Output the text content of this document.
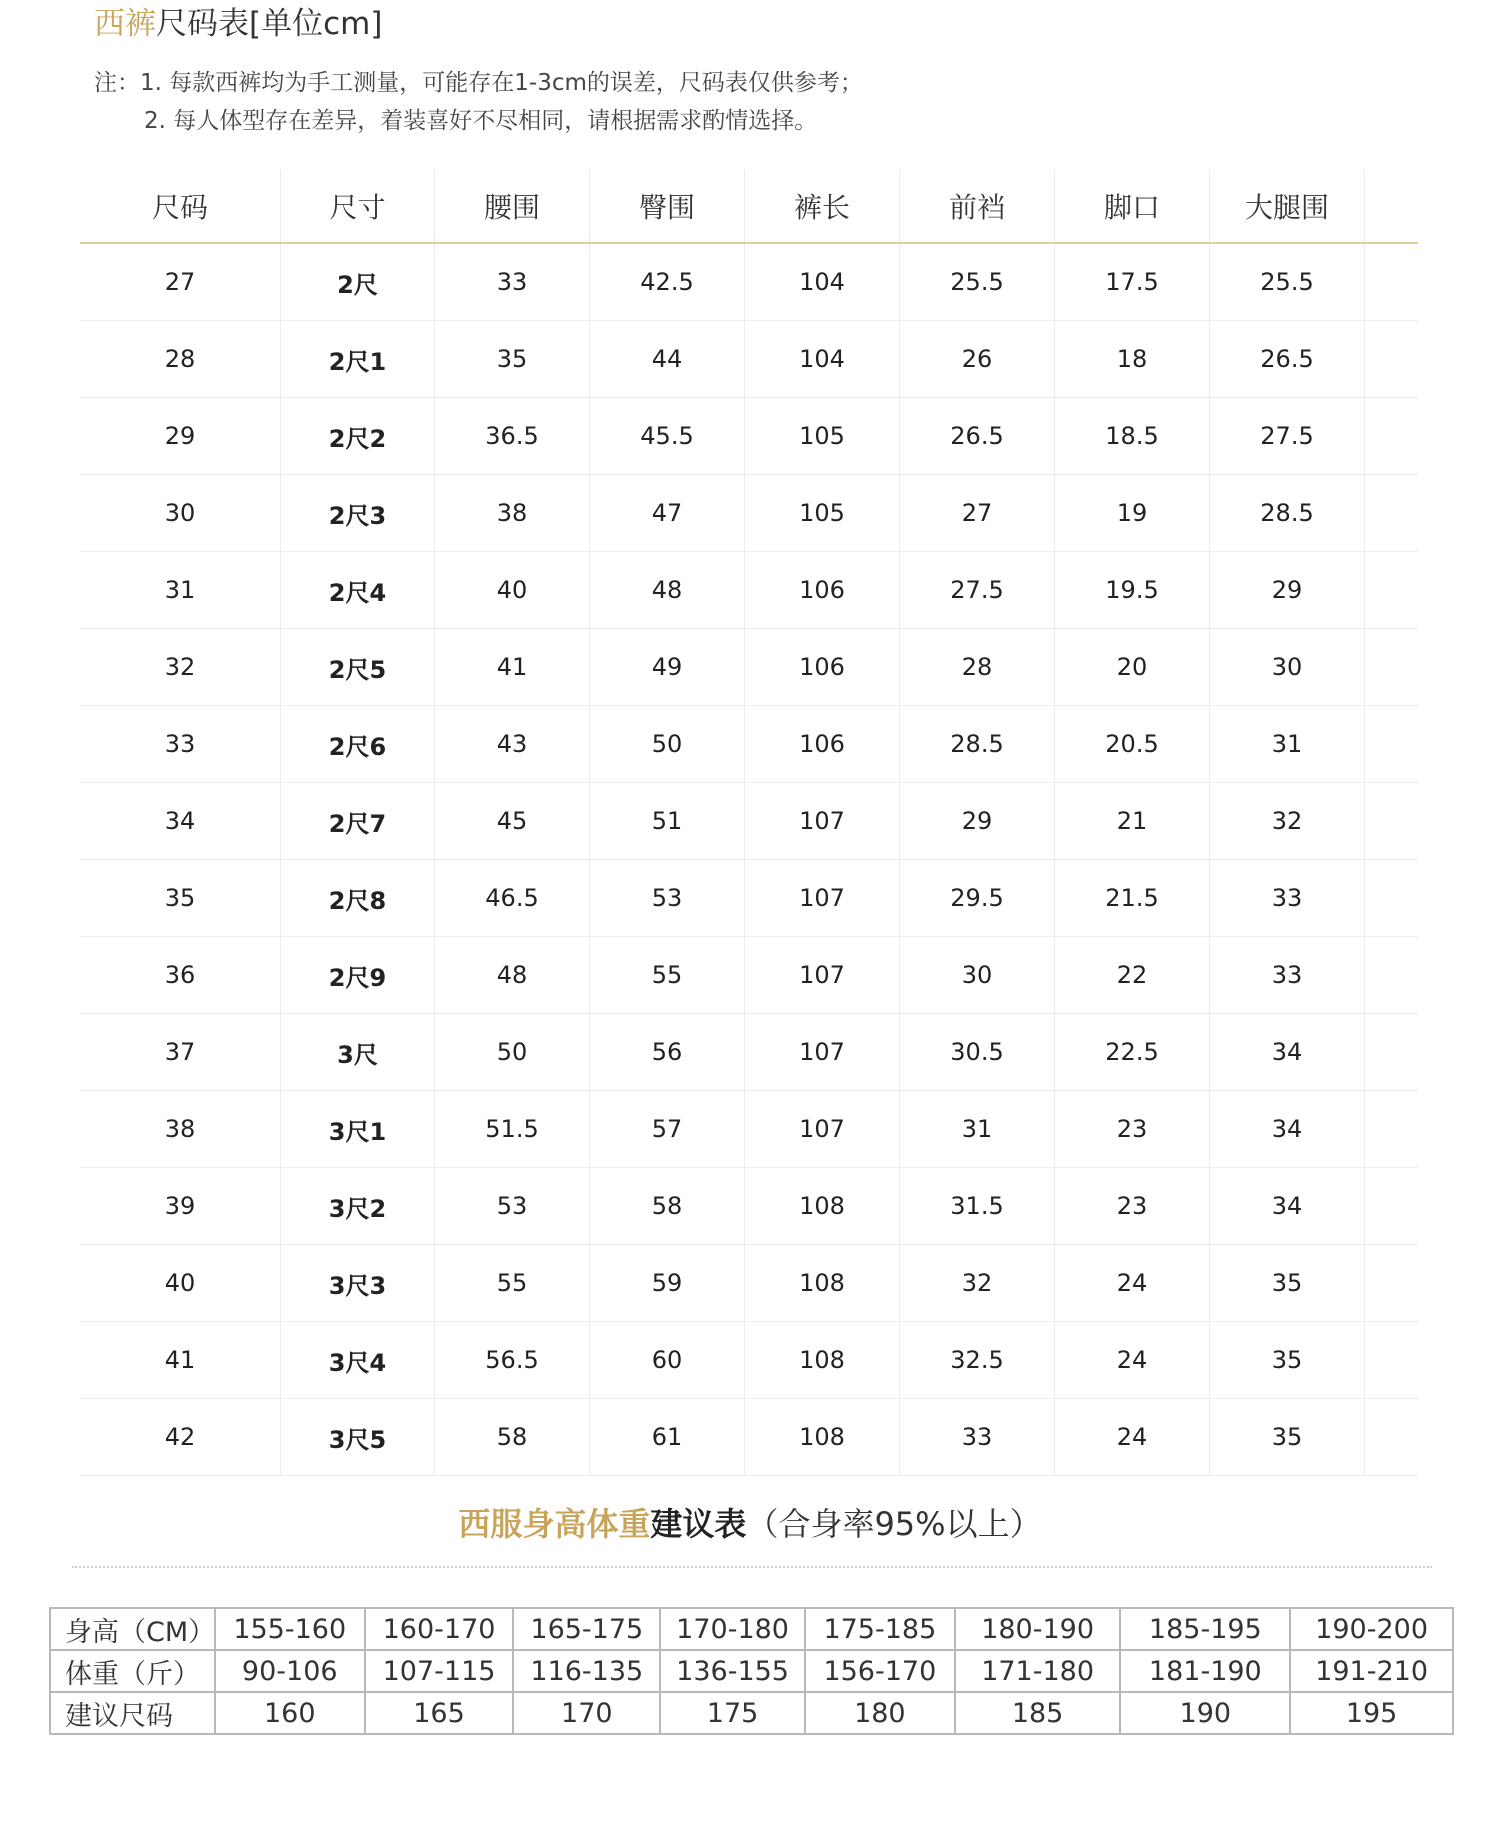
西裤尺码表[单位cm]
注：1. 每款西裤均为手工测量，可能存在1-3cm的误差，尺码表仅供参考；
2. 每人体型存在差异，着装喜好不尽相同，请根据需求酌情选择。
尺码	尺寸	腰围	臀围	裤长	前裆	脚口	大腿围
27	2尺	33	42.5	104	25.5	17.5	25.5
28	2尺1	35	44	104	26	18	26.5
29	2尺2	36.5	45.5	105	26.5	18.5	27.5
30	2尺3	38	47	105	27	19	28.5
31	2尺4	40	48	106	27.5	19.5	29
32	2尺5	41	49	106	28	20	30
33	2尺6	43	50	106	28.5	20.5	31
34	2尺7	45	51	107	29	21	32
35	2尺8	46.5	53	107	29.5	21.5	33
36	2尺9	48	55	107	30	22	33
37	3尺	50	56	107	30.5	22.5	34
38	3尺1	51.5	57	107	31	23	34
39	3尺2	53	58	108	31.5	23	34
40	3尺3	55	59	108	32	24	35
41	3尺4	56.5	60	108	32.5	24	35
42	3尺5	58	61	108	33	24	35
西服身高体重建议表（合身率95%以上）
身高（CM）	155-160	160-170	165-175	170-180	175-185	180-190	185-195	190-200
体重（斤）	90-106	107-115	116-135	136-155	156-170	171-180	181-190	191-210
建议尺码	160	165	170	175	180	185	190	195
